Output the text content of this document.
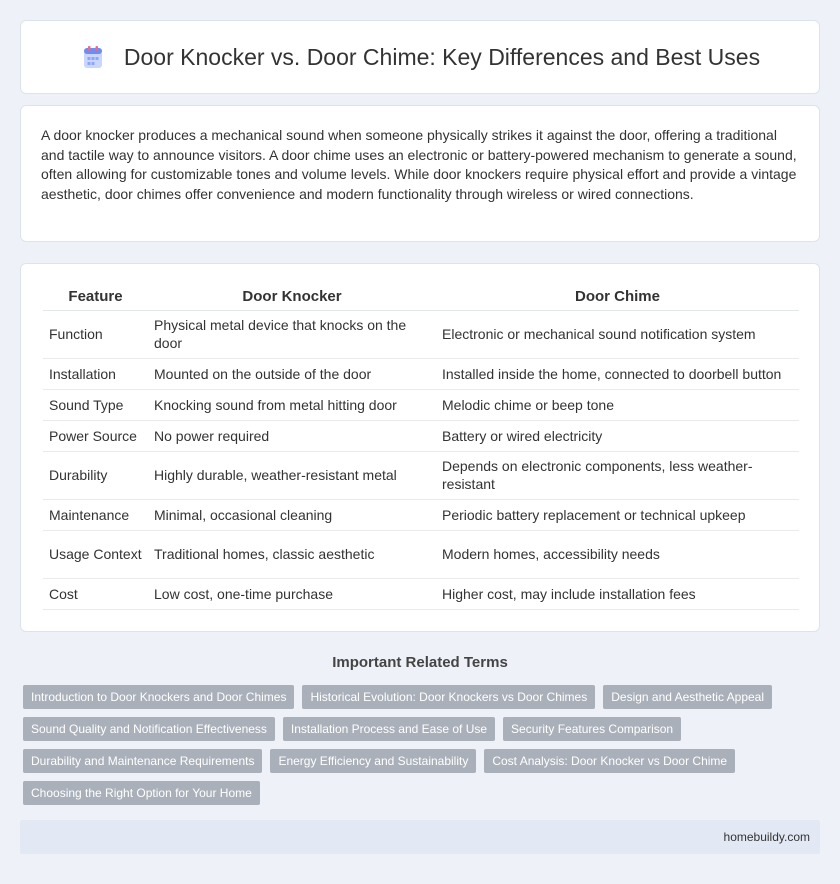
Door Knocker vs. Door Chime: Key Differences and Best Uses

A door knocker produces a mechanical sound when someone physically strikes it against the door, offering a traditional and tactile way to announce visitors. A door chime uses an electronic or battery-powered mechanism to generate a sound, often allowing for customizable tones and volume levels. While door knockers require physical effort and provide a vintage aesthetic, door chimes offer convenience and modern functionality through wireless or wired connections.

Feature	Door Knocker	Door Chime
Function	Physical metal device that knocks on the door	Electronic or mechanical sound notification system
Installation	Mounted on the outside of the door	Installed inside the home, connected to doorbell button
Sound Type	Knocking sound from metal hitting door	Melodic chime or beep tone
Power Source	No power required	Battery or wired electricity
Durability	Highly durable, weather-resistant metal	Depends on electronic components, less weather-resistant
Maintenance	Minimal, occasional cleaning	Periodic battery replacement or technical upkeep
Usage Context	Traditional homes, classic aesthetic	Modern homes, accessibility needs
Cost	Low cost, one-time purchase	Higher cost, may include installation fees
Important Related Terms
Introduction to Door Knockers and Door Chimes	Historical Evolution: Door Knockers vs Door Chimes	Design and Aesthetic Appeal
Sound Quality and Notification Effectiveness	Installation Process and Ease of Use	Security Features Comparison
Durability and Maintenance Requirements	Energy Efficiency and Sustainability	Cost Analysis: Door Knocker vs Door Chime
Choosing the Right Option for Your Home
homebuildy.com
